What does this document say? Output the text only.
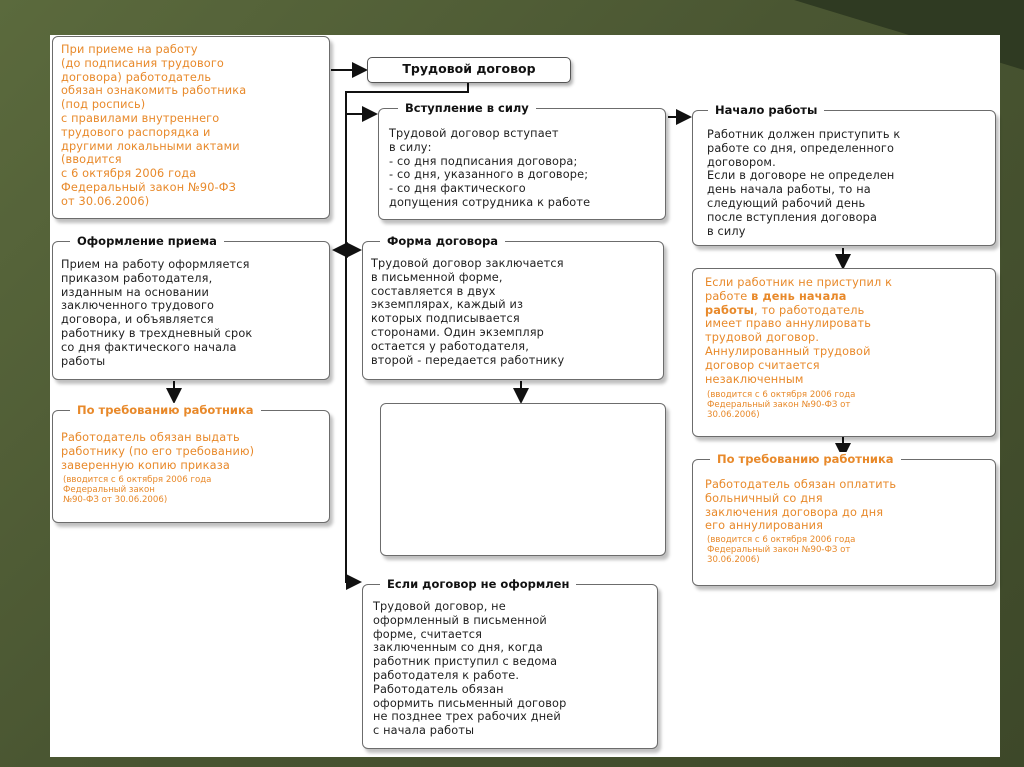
Трудовой договор
При приеме на работу
(до подписания трудового
договора) работодатель
обязан ознакомить работника
(под роспись)
с правилами внутреннего
трудового распорядка и
другими локальными актами
(вводится
с 6 октября 2006 года
Федеральный закон №90-ФЗ
от 30.06.2006)
Трудовой договор вступает
в силу:
- со дня подписания договора;
- со дня, указанного в договоре;
- со дня фактического
допущения сотрудника к работе
Вступление в силу
Работник должен приступить к
работе со дня, определенного
договором.
Если в договоре не определен
день начала работы, то на
следующий рабочий день
после вступления договора
в силу
Начало работы
Прием на работу оформляется
приказом работодателя,
изданным на основании
заключенного трудового
договора, и объявляется
работнику в трехдневный срок
со дня фактического начала
работы
Оформление приема
Трудовой договор заключается
в письменной форме,
составляется в двух
экземплярах, каждый из
которых подписывается
сторонами. Один экземпляр
остается у работодателя,
второй - передается работнику
Форма договора
Если работник не приступил к
работе в день начала
работы, то работодатель
имеет право аннулировать
трудовой договор.
Аннулированный трудовой
договор считается
незаключенным
(вводится с 6 октября 2006 года
Федеральный закон №90-ФЗ от
30.06.2006)
Работодатель обязан выдать
работнику (по его требованию)
заверенную копию приказа
(вводится с 6 октября 2006 года
Федеральный закон
№90-ФЗ от 30.06.2006)
По требованию работника
Работодатель обязан оплатить
больничный со дня
заключения договора до дня
его аннулирования
(вводится с 6 октября 2006 года
Федеральный закон №90-ФЗ от
30.06.2006)
По требованию работника
Трудовой договор, не
оформленный в письменной
форме, считается
заключенным со дня, когда
работник приступил с ведома
работодателя к работе.
Работодатель обязан
оформить письменный договор
не позднее трех рабочих дней
с начала работы
Если договор не оформлен
